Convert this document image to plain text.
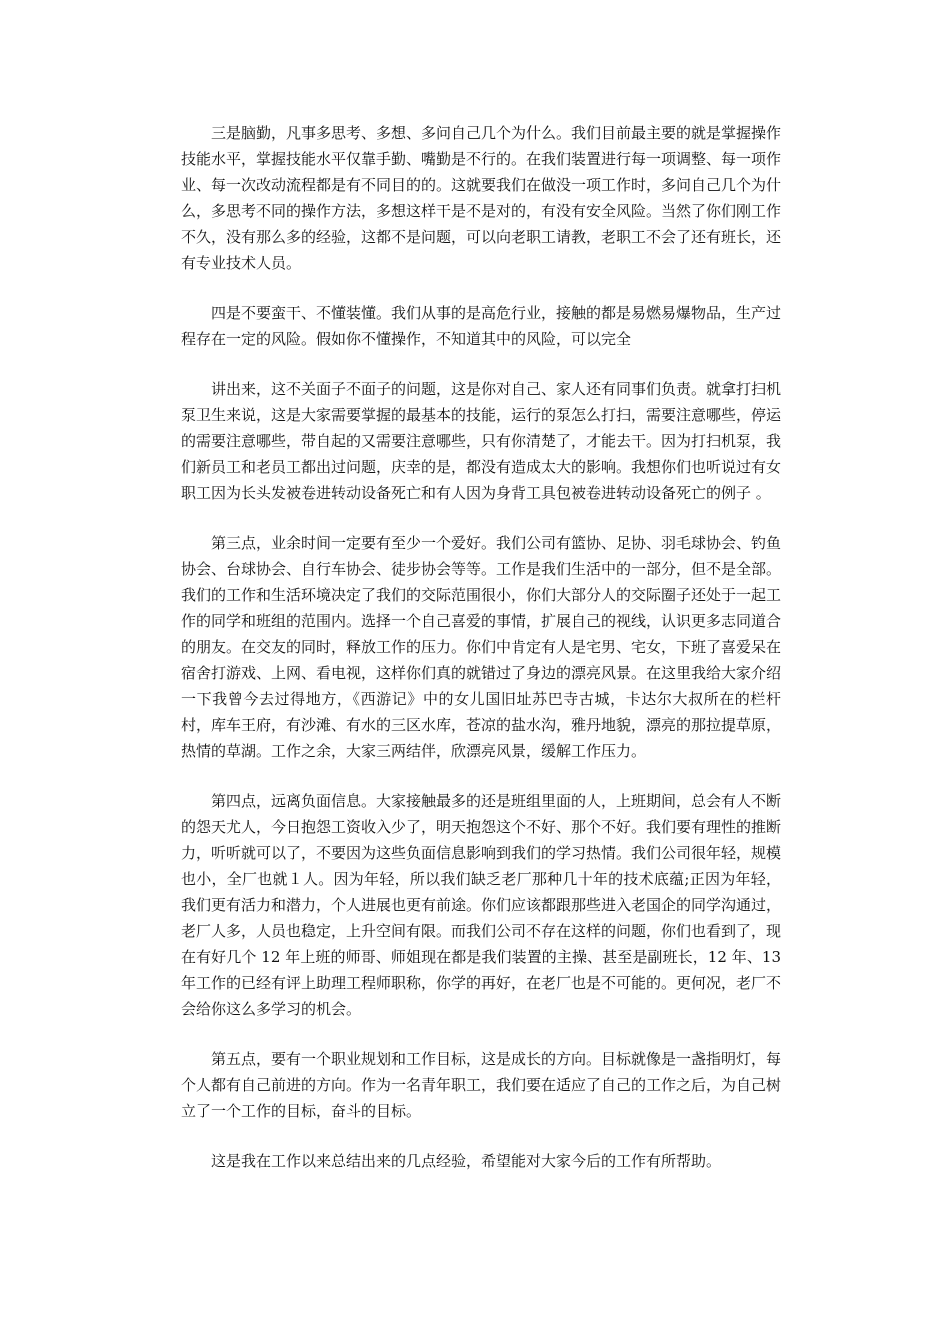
三是脑勤，凡事多思考、多想、多问自己几个为什么。我们目前最主要的就是掌握操作技能水平，掌握技能水平仅靠手勤、嘴勤是不行的。在我们装置进行每一项调整、每一项作业、每一次改动流程都是有不同目的的。这就要我们在做没一项工作时，多问自己几个为什么，多思考不同的操作方法，多想这样干是不是对的，有没有安全风险。当然了你们刚工作不久，没有那么多的经验，这都不是问题，可以向老职工请教，老职工不会了还有班长，还有专业技术人员。

四是不要蛮干、不懂装懂。我们从事的是高危行业，接触的都是易燃易爆物品，生产过程存在一定的风险。假如你不懂操作，不知道其中的风险，可以完全

讲出来，这不关面子不面子的问题，这是你对自己、家人还有同事们负责。就拿打扫机泵卫生来说，这是大家需要掌握的最基本的技能，运行的泵怎么打扫，需要注意哪些，停运的需要注意哪些，带自起的又需要注意哪些，只有你清楚了，才能去干。因为打扫机泵，我们新员工和老员工都出过问题，庆幸的是，都没有造成太大的影响。我想你们也听说过有女职工因为长头发被卷进转动设备死亡和有人因为身背工具包被卷进转动设备死亡的例子 。

第三点，业余时间一定要有至少一个爱好。我们公司有篮协、足协、羽毛球协会、钓鱼协会、台球协会、自行车协会、徒步协会等等。工作是我们生活中的一部分，但不是全部。我们的工作和生活环境决定了我们的交际范围很小，你们大部分人的交际圈子还处于一起工作的同学和班组的范围内。选择一个自己喜爱的事情，扩展自己的视线，认识更多志同道合的朋友。在交友的同时，释放工作的压力。你们中肯定有人是宅男、宅女，下班了喜爱呆在宿舍打游戏、上网、看电视，这样你们真的就错过了身边的漂亮风景。在这里我给大家介绍一下我曾今去过得地方，《西游记》中的女儿国旧址苏巴寺古城，卡达尔大叔所在的栏杆村，库车王府，有沙滩、有水的三区水库，苍凉的盐水沟，雅丹地貌，漂亮的那拉提草原，热情的草湖。工作之余，大家三两结伴，欣漂亮风景，缓解工作压力。

第四点，远离负面信息。大家接触最多的还是班组里面的人，上班期间，总会有人不断的怨天尤人，今日抱怨工资收入少了，明天抱怨这个不好、那个不好。我们要有理性的推断力，听听就可以了，不要因为这些负面信息影响到我们的学习热情。我们公司很年轻，规模也小，全厂也就１人。因为年轻，所以我们缺乏老厂那种几十年的技术底蕴;正因为年轻，我们更有活力和潜力，个人进展也更有前途。你们应该都跟那些进入老国企的同学沟通过，老厂人多，人员也稳定，上升空间有限。而我们公司不存在这样的问题，你们也看到了，现在有好几个 12 年上班的师哥、师姐现在都是我们装置的主操、甚至是副班长，12 年、13 年工作的已经有评上助理工程师职称，你学的再好，在老厂也是不可能的。更何况，老厂不会给你这么多学习的机会。

第五点，要有一个职业规划和工作目标，这是成长的方向。目标就像是一盏指明灯，每个人都有自己前进的方向。作为一名青年职工，我们要在适应了自己的工作之后，为自己树立了一个工作的目标，奋斗的目标。

这是我在工作以来总结出来的几点经验，希望能对大家今后的工作有所帮助。
